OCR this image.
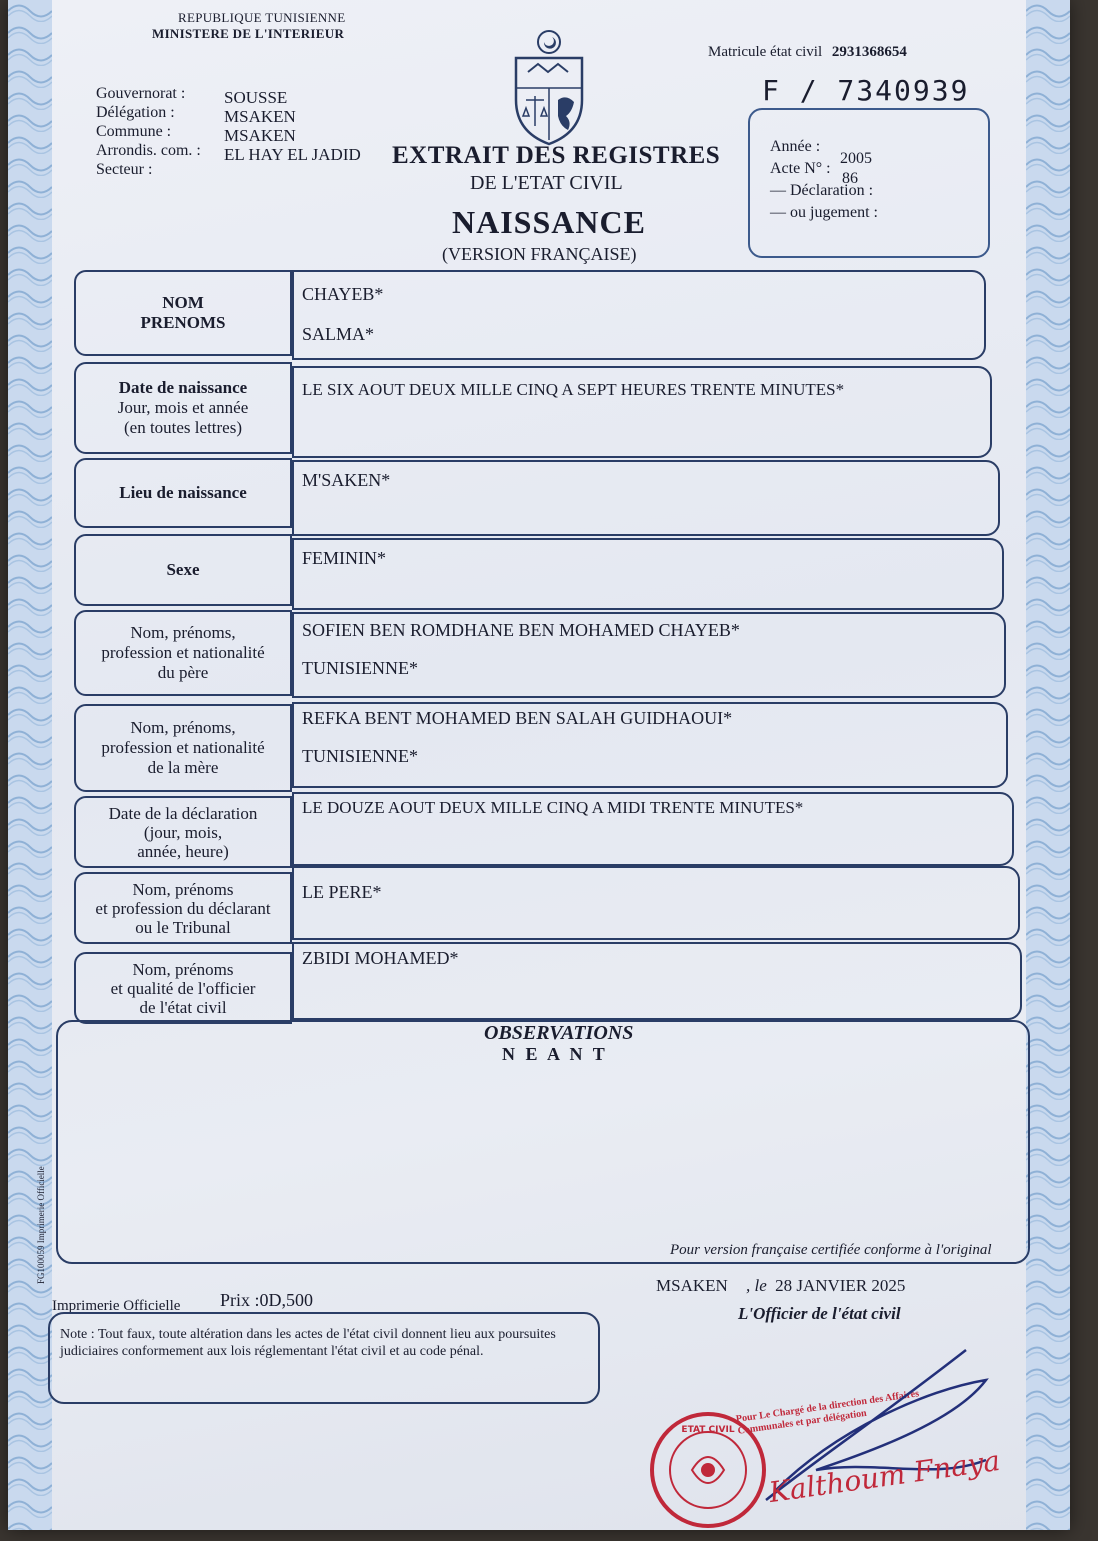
REPUBLIQUE TUNISIENNE
MINISTERE DE L'INTERIEUR
Matricule état civil 2931368654
F / 7340939
Gouvernorat :
Délégation :
Commune :
Arrondis. com. :
Secteur :
SOUSSE
MSAKEN
MSAKEN
EL HAY EL JADID EXTRAIT DES REGISTRES
DE L'ETAT CIVIL
NAISSANCE
(VERSION FRANÇAISE)
Année :
Acte N° :
— Déclaration :
— ou jugement :
2005
86
NOM
PRENOMS
CHAYEB*
SALMA*
Date de naissance
Jour, mois et année
(en toutes lettres)
LE SIX AOUT DEUX MILLE CINQ A SEPT HEURES TRENTE MINUTES*
Lieu de naissance
M'SAKEN*
Sexe
FEMININ*
Nom, prénoms,
profession et nationalité
du père
SOFIEN BEN ROMDHANE BEN MOHAMED CHAYEB*
TUNISIENNE*
Nom, prénoms,
profession et nationalité
de la mère
REFKA BENT MOHAMED BEN SALAH GUIDHAOUI*
TUNISIENNE*
Date de la déclaration
(jour, mois,
année, heure)
LE DOUZE AOUT DEUX MILLE CINQ A MIDI TRENTE MINUTES*
Nom, prénoms
et profession du déclarant
ou le Tribunal
LE PERE*
Nom, prénoms
et qualité de l'officier
de l'état civil
ZBIDI MOHAMED*
OBSERVATIONS
N E A N T
FG100059 Imprimerie Officielle	Pour version française certifiée conforme à l'original
MSAKEN , le 28 JANVIER 2025
L'Officier de l'état civil
Imprimerie Officielle Prix :0D,500
Note : Tout faux, toute altération dans les actes de l'état civil donnent lieu aux poursuites judiciaires conformement aux lois réglementant l'état civil et au code pénal.
ETAT CIVIL
Pour Le Chargé de la direction des Affaires Communales et par délégation
Kalthoum Fnaya
